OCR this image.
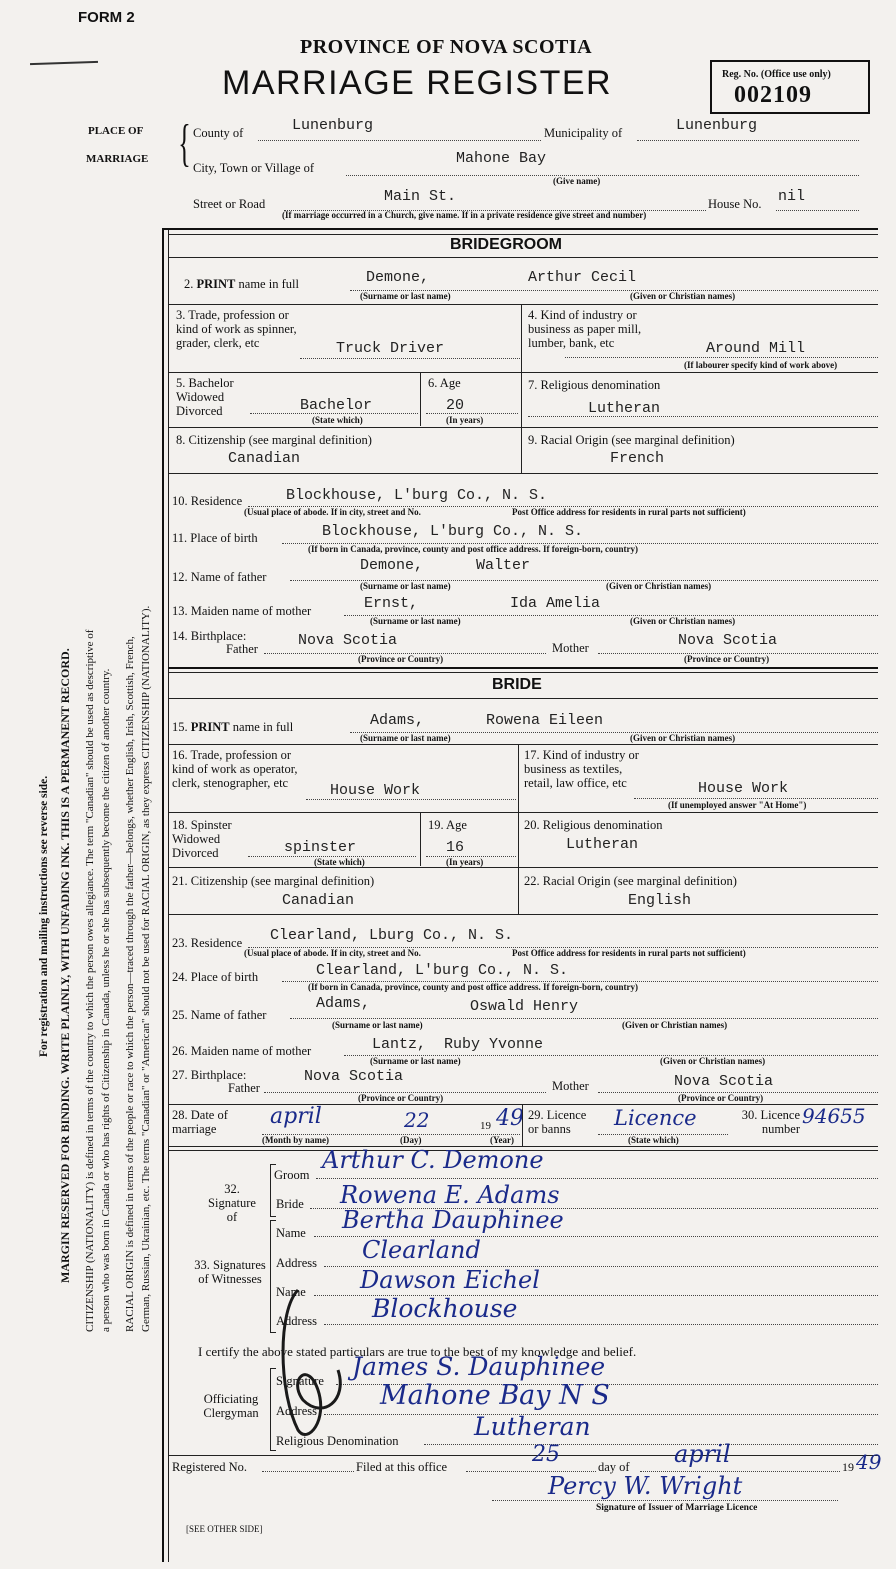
FORM 2
PROVINCE OF NOVA SCOTIA
MARRIAGE REGISTER	Reg. No. (Office use only)
002109
PLACE OF
MARRIAGE { County of	Lunenburg	Municipality of	Lunenburg
City, Town or Village of
Mahone Bay
(Give name)
Street or Road	Main St.	House No. nil
(If marriage occurred in a Church, give name. If in a private residence give street and number)
For registration and mailing instructions see reverse side. MARGIN RESERVED FOR BINDING. WRITE PLAINLY, WITH UNFADING INK. THIS IS A PERMANENT RECORD. CITIZENSHIP (NATIONALITY) is defined in terms of the country to which the person owes allegiance. The term "Canadian" should be used as descriptive of a person who was born in Canada or who has rights of Citizenship in Canada, unless he or she has subsequently become the citizen of another country. RACIAL ORIGIN is defined in terms of the people or race to which the person—traced through the father—belongs, whether English, Irish, Scottish, French, German, Russian, Ukrainian, etc. The terms "Canadian" or "American" should not be used for RACIAL ORIGIN, as they express CITIZENSHIP (NATIONALITY).
BRIDEGROOM
2. PRINT name in full	Demone,	Arthur Cecil
(Surname or last name)	(Given or Christian names)
3. Trade, profession or kind of work as spinner, grader, clerk, etc	Truck Driver
4. Kind of industry or business as paper mill, lumber, bank, etc	Around Mill
(If labourer specify kind of work above)
5. Bachelor Widowed Divorced	Bachelor
(State which)
6. Age
20
(In years)
7. Religious denomination
Lutheran
8. Citizenship (see marginal definition)
Canadian
9. Racial Origin (see marginal definition)
French
10. Residence	Blockhouse, L'burg Co., N. S.
(Usual place of abode. If in city, street and No.	Post Office address for residents in rural parts not sufficient)
11. Place of birth	Blockhouse, L'burg Co., N. S.
(If born in Canada, province, county and post office address. If foreign-born, country)
12. Name of father
Demone,	Walter
(Surname or last name)	(Given or Christian names)
13. Maiden name of mother	Ernst,	Ida Amelia
(Surname or last name)	(Given or Christian names)
14. Birthplace:
Father	Nova Scotia
(Province or Country)
Mother	Nova Scotia
(Province or Country)
BRIDE
15. PRINT name in full	Adams,	Rowena Eileen
(Surname or last name)	(Given or Christian names)
16. Trade, profession or kind of work as operator, clerk, stenographer, etc	House Work
17. Kind of industry or business as textiles, retail, law office, etc	House Work
(If unemployed answer "At Home")
18. Spinster Widowed Divorced	spinster
(State which)
19. Age
16
(In years)
20. Religious denomination
Lutheran
21. Citizenship (see marginal definition)
Canadian
22. Racial Origin (see marginal definition)
English
23. Residence Clearland, Lburg Co., N. S.
(Usual place of abode. If in city, street and No.	Post Office address for residents in rural parts not sufficient)
24. Place of birth	Clearland, L'burg Co., N. S.
(If born in Canada, province, county and post office address. If foreign-born, country)
25. Name of father
Adams,	Oswald Henry
(Surname or last name)	(Given or Christian names)
26. Maiden name of mother	Lantz, Ruby Yvonne
(Surname or last name)	(Given or Christian names)
27. Birthplace:
Father
Nova Scotia
(Province or Country)
Mother	Nova Scotia
(Province or Country)
28. Date of marriage	april	22	19 49
(Month by name)	(Day)	(Year)
29. Licence or banns	Licence
(State which)
30. Licence number
94655
32. Signature of
Groom
Arthur C. Demone
Bride Rowena E. Adams
33. Signatures of Witnesses
Name Bertha Dauphinee
Address Clearland
Name Dawson Eichel
Address Blockhouse
I certify the above stated particulars are true to the best of my knowledge and belief.
Officiating Clergyman
Signature James S. Dauphinee
Address Mahone Bay N S
Religious Denomination	Lutheran
Registered No.	Filed at this office	25	day of april	19 49
Percy W. Wright
Signature of Issuer of Marriage Licence
[SEE OTHER SIDE]
